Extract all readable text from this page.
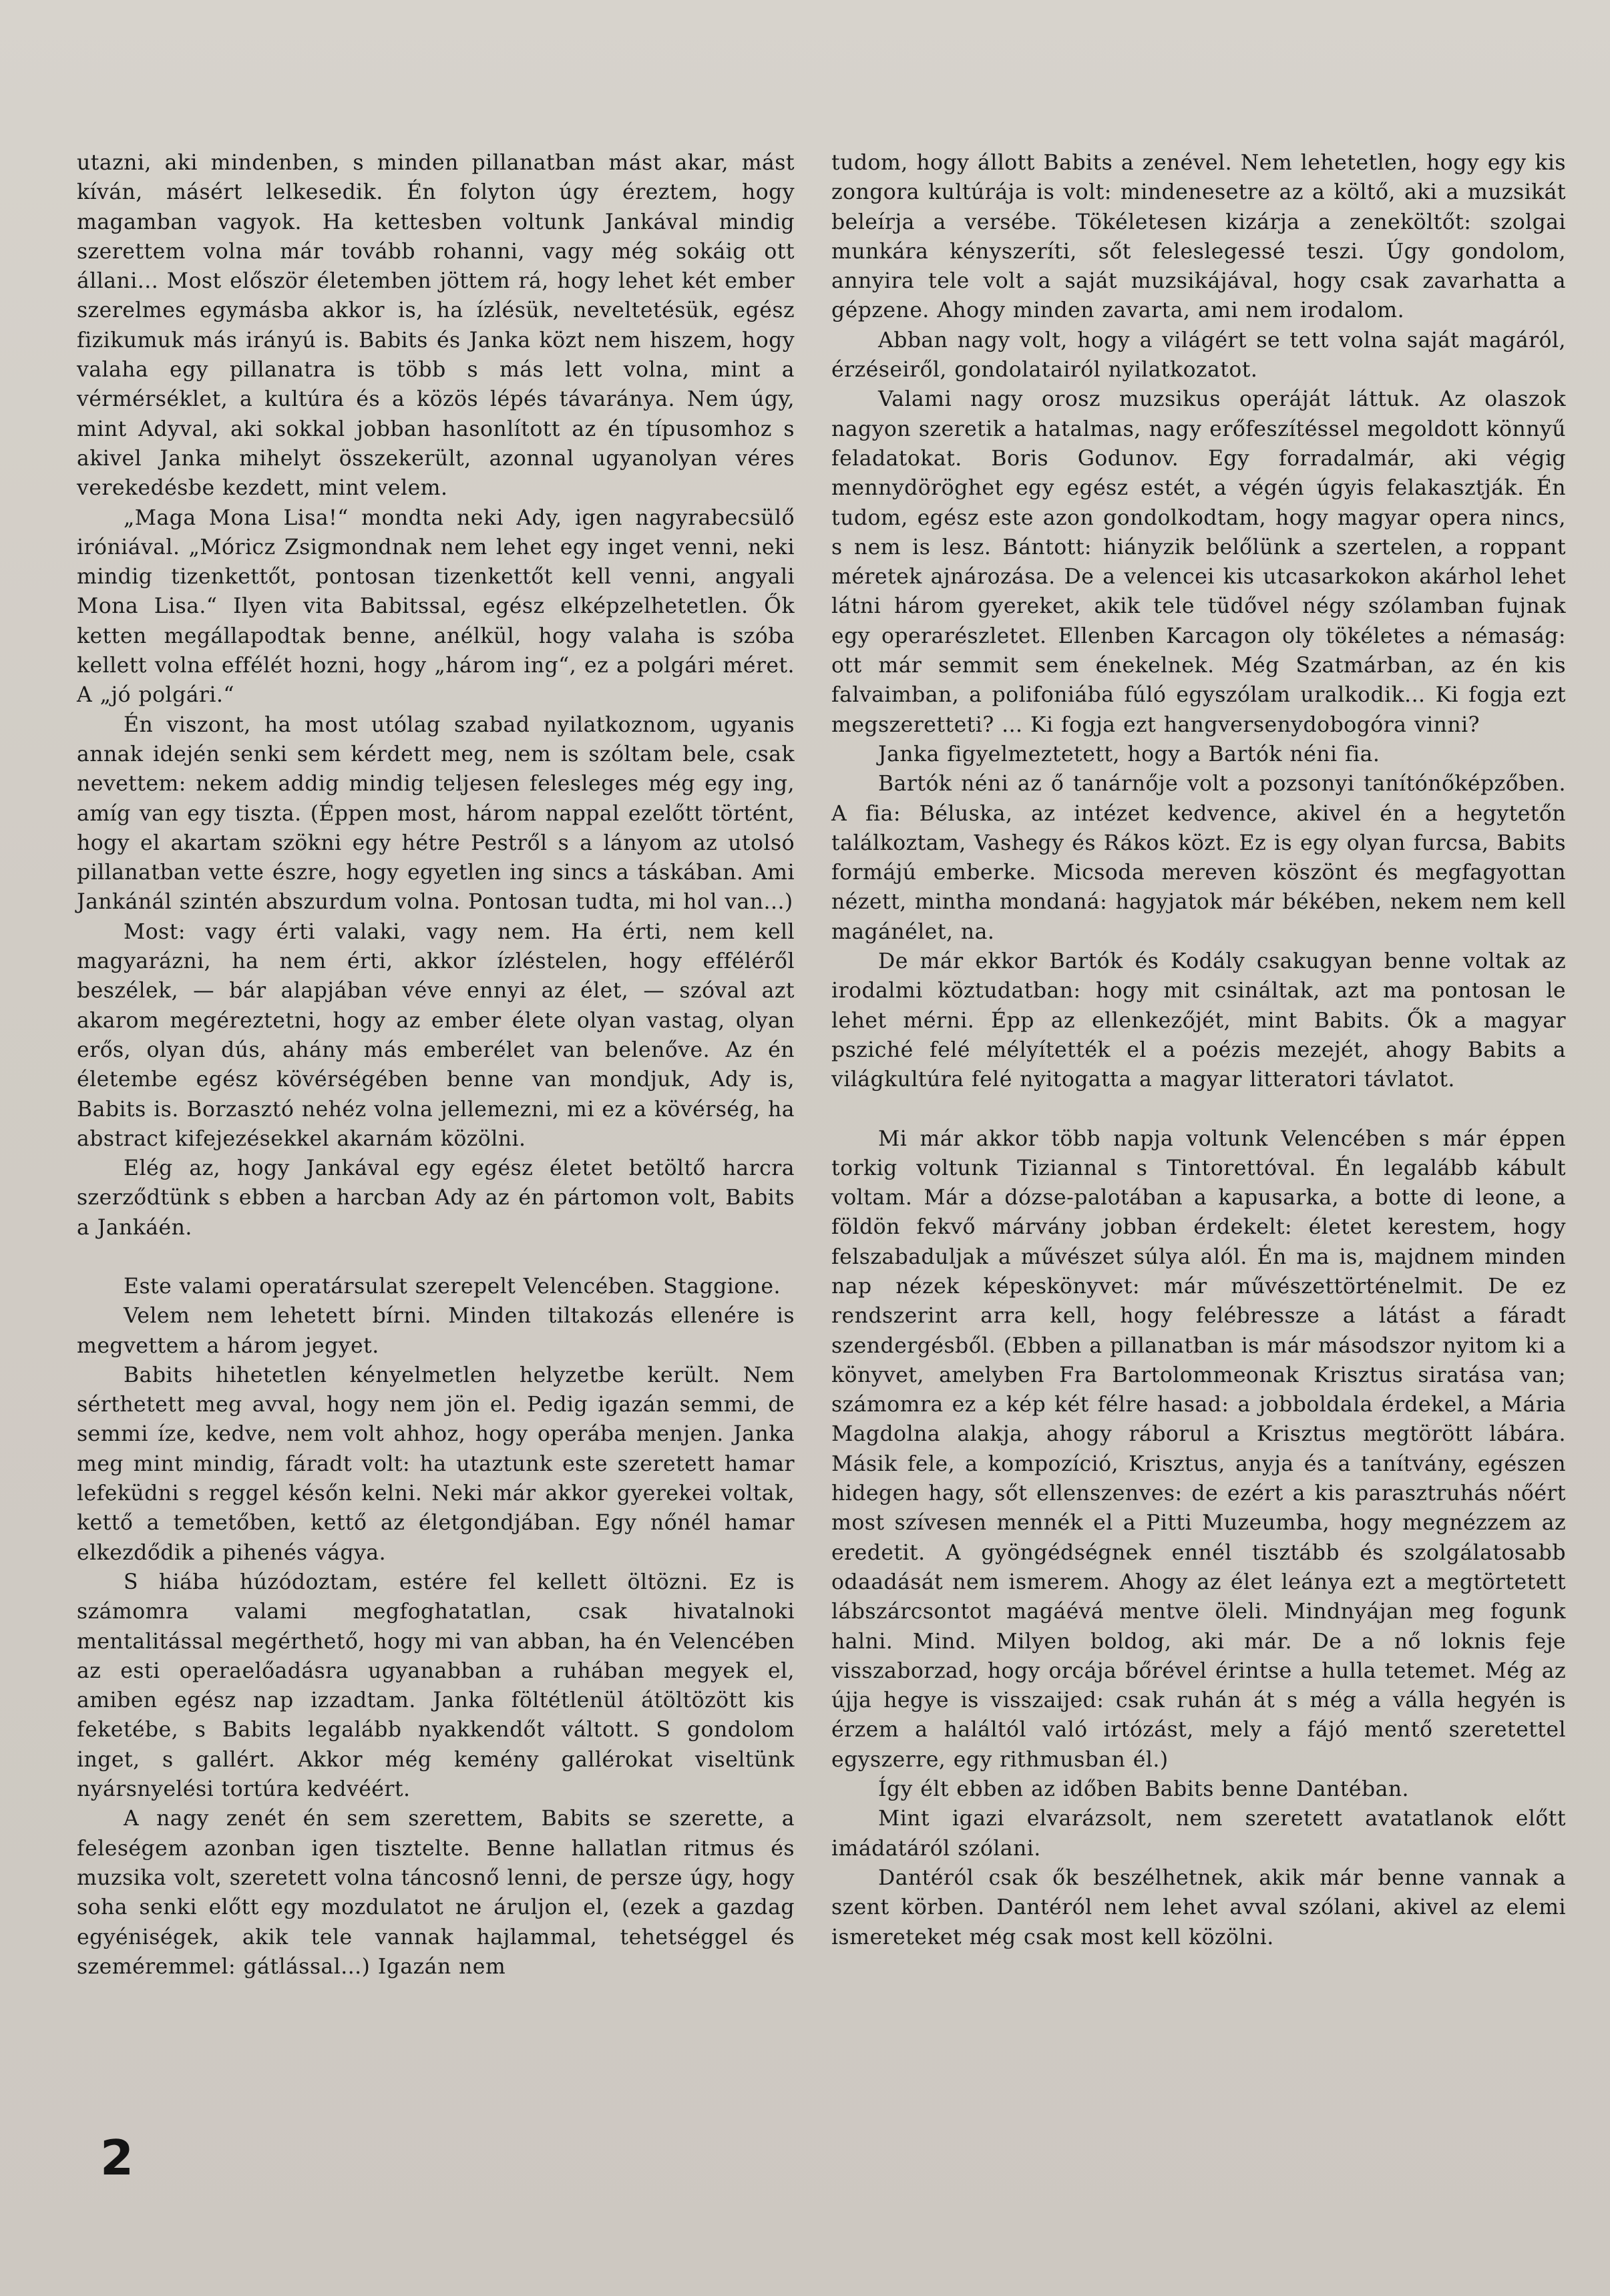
utazni, aki mindenben, s minden pillanatban mást akar, mást kíván, másért lelkesedik. Én folyton úgy éreztem, hogy magamban vagyok. Ha kettesben voltunk Jankával mindig szerettem volna már tovább rohanni, vagy még sokáig ott állani... Most először életemben jöttem rá, hogy lehet két ember szerelmes egymásba akkor is, ha ízlésük, neveltetésük, egész fizikumuk más irányú is. Babits és Janka közt nem hiszem, hogy valaha egy pillanatra is több s más lett volna, mint a vérmérséklet, a kultúra és a közös lépés távaránya. Nem úgy, mint Adyval, aki sokkal jobban hasonlított az én típusomhoz s akivel Janka mihelyt összekerült, azonnal ugyanolyan véres verekedésbe kezdett, mint velem.

„Maga Mona Lisa!“ mondta neki Ady, igen nagyrabecsülő iróniával. „Móricz Zsigmondnak nem lehet egy inget venni, neki mindig tizenkettőt, pontosan tizenkettőt kell venni, angyali Mona Lisa.“ Ilyen vita Babitssal, egész elképzelhetetlen. Ők ketten megállapodtak benne, anélkül, hogy valaha is szóba kellett volna effélét hozni, hogy „három ing“, ez a polgári méret. A „jó polgári.“

Én viszont, ha most utólag szabad nyilatkoznom, ugyanis annak idején senki sem kérdett meg, nem is szóltam bele, csak nevettem: nekem addig mindig teljesen felesleges még egy ing, amíg van egy tiszta. (Éppen most, három nappal ezelőtt történt, hogy el akartam szökni egy hétre Pestről s a lányom az utolsó pillanatban vette észre, hogy egyetlen ing sincs a táskában. Ami Jankánál szintén abszurdum volna. Pontosan tudta, mi hol van...)

Most: vagy érti valaki, vagy nem. Ha érti, nem kell magyarázni, ha nem érti, akkor ízléstelen, hogy efféléről beszélek, — bár alapjában véve ennyi az élet, — szóval azt akarom megéreztetni, hogy az ember élete olyan vastag, olyan erős, olyan dús, ahány más emberélet van belenőve. Az én életembe egész kövérségében benne van mondjuk, Ady is, Babits is. Borzasztó nehéz volna jellemezni, mi ez a kövérség, ha abstract kifejezésekkel akarnám közölni.

Elég az, hogy Jankával egy egész életet betöltő harcra szerződtünk s ebben a harcban Ady az én pártomon volt, Babits a Jankáén.

Este valami operatársulat szerepelt Velencében. Staggione.

Velem nem lehetett bírni. Minden tiltakozás ellenére is megvettem a három jegyet.

Babits hihetetlen kényelmetlen helyzetbe került. Nem sérthetett meg avval, hogy nem jön el. Pedig igazán semmi, de semmi íze, kedve, nem volt ahhoz, hogy operába menjen. Janka meg mint mindig, fáradt volt: ha utaztunk este szeretett hamar lefeküdni s reggel későn kelni. Neki már akkor gyerekei voltak, kettő a temetőben, kettő az életgondjában. Egy nőnél hamar elkezdődik a pihenés vágya.

S hiába húzódoztam, estére fel kellett öltözni. Ez is számomra valami megfoghatatlan, csak hivatalnoki mentalitással megérthető, hogy mi van abban, ha én Velencében az esti operaelőadásra ugyanabban a ruhában megyek el, amiben egész nap izzadtam. Janka föltétlenül átöltözött kis feketébe, s Babits legalább nyakkendőt váltott. S gondolom inget, s gallért. Akkor még kemény gallérokat viseltünk nyársnyelési tortúra kedvéért.

A nagy zenét én sem szerettem, Babits se szerette, a feleségem azonban igen tisztelte. Benne hallatlan ritmus és muzsika volt, szeretett volna táncosnő lenni, de persze úgy, hogy soha senki előtt egy mozdulatot ne áruljon el, (ezek a gazdag egyéniségek, akik tele vannak hajlammal, tehetséggel és szeméremmel: gátlással...) Igazán nem

tudom, hogy állott Babits a zenével. Nem lehetetlen, hogy egy kis zongora kultúrája is volt: mindenesetre az a költő, aki a muzsikát beleírja a versébe. Tökéletesen kizárja a zeneköltőt: szolgai munkára kényszeríti, sőt feleslegessé teszi. Úgy gondolom, annyira tele volt a saját muzsikájával, hogy csak zavarhatta a gépzene. Ahogy minden zavarta, ami nem irodalom.

Abban nagy volt, hogy a világért se tett volna saját magáról, érzéseiről, gondolatairól nyilatkozatot.

Valami nagy orosz muzsikus operáját láttuk. Az olaszok nagyon szeretik a hatalmas, nagy erőfeszítéssel megoldott könnyű feladatokat. Boris Godunov. Egy forradalmár, aki végig mennydöröghet egy egész estét, a végén úgyis felakasztják. Én tudom, egész este azon gondolkodtam, hogy magyar opera nincs, s nem is lesz. Bántott: hiányzik belőlünk a szertelen, a roppant méretek ajnározása. De a velencei kis utcasarkokon akárhol lehet látni három gyereket, akik tele tüdővel négy szólamban fujnak egy operarészletet. Ellenben Karcagon oly tökéletes a némaság: ott már semmit sem énekelnek. Még Szatmárban, az én kis falvaimban, a polifoniába fúló egyszólam uralkodik... Ki fogja ezt megszeretteti? ... Ki fogja ezt hangversenydobogóra vinni?

Janka figyelmeztetett, hogy a Bartók néni fia.

Bartók néni az ő tanárnője volt a pozsonyi tanítónőképzőben. A fia: Béluska, az intézet kedvence, akivel én a hegytetőn találkoztam, Vashegy és Rákos közt. Ez is egy olyan furcsa, Babits formájú emberke. Micsoda mereven köszönt és megfagyottan nézett, mintha mondaná: hagyjatok már békében, nekem nem kell magánélet, na.

De már ekkor Bartók és Kodály csakugyan benne voltak az irodalmi köztudatban: hogy mit csináltak, azt ma pontosan le lehet mérni. Épp az ellenkezőjét, mint Babits. Ők a magyar psziché felé mélyítették el a poézis mezejét, ahogy Babits a világkultúra felé nyitogatta a magyar litteratori távlatot.

Mi már akkor több napja voltunk Velencében s már éppen torkig voltunk Tiziannal s Tintorettóval. Én legalább kábult voltam. Már a dózse-palotában a kapusarka, a botte di leone, a földön fekvő márvány jobban érdekelt: életet kerestem, hogy felszabaduljak a művészet súlya alól. Én ma is, majdnem minden nap nézek képeskönyvet: már művészettörténelmit. De ez rendszerint arra kell, hogy felébressze a látást a fáradt szendergésből. (Ebben a pillanatban is már másodszor nyitom ki a könyvet, amelyben Fra Bartolommeonak Krisztus siratása van; számomra ez a kép két félre hasad: a jobboldala érdekel, a Mária Magdolna alakja, ahogy ráborul a Krisztus megtörött lábára. Másik fele, a kompozíció, Krisztus, anyja és a tanítvány, egészen hidegen hagy, sőt ellenszenves: de ezért a kis parasztruhás nőért most szívesen mennék el a Pitti Muzeumba, hogy megnézzem az eredetit. A gyöngédségnek ennél tisztább és szolgálatosabb odaadását nem ismerem. Ahogy az élet leánya ezt a megtörtetett lábszárcsontot magáévá mentve öleli. Mindnyájan meg fogunk halni. Mind. Milyen boldog, aki már. De a nő loknis feje visszaborzad, hogy orcája bőrével érintse a hulla tetemet. Még az újja hegye is visszaijed: csak ruhán át s még a válla hegyén is érzem a haláltól való irtózást, mely a fájó mentő szeretettel egyszerre, egy rithmusban él.)

Így élt ebben az időben Babits benne Dantéban.

Mint igazi elvarázsolt, nem szeretett avatatlanok előtt imádatáról szólani.

Dantéról csak ők beszélhetnek, akik már benne vannak a szent körben. Dantéról nem lehet avval szólani, akivel az elemi ismereteket még csak most kell közölni.

2
